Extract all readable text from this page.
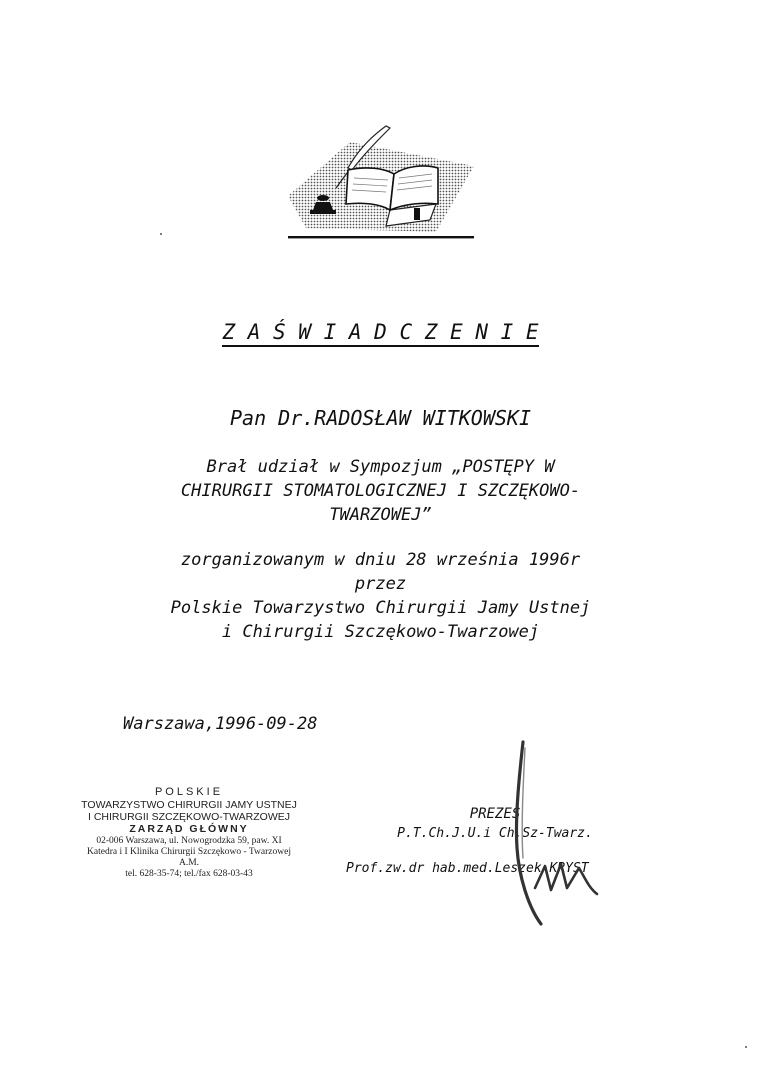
Z A Ś W I A D C Z E N I E
Pan Dr.RADOSŁAW WITKOWSKI
Brał udział w Sympozjum „POSTĘPY W
CHIRURGII STOMATOLOGICZNEJ I SZCZĘKOWO-
TWARZOWEJ”
zorganizowanym w dniu 28 września 1996r
przez
Polskie Towarzystwo Chirurgii Jamy Ustnej
i Chirurgii Szczękowo-Twarzowej
Warszawa,1996-09-28
POLSKIE
TOWARZYSTWO CHIRURGII JAMY USTNEJ
I CHIRURGII SZCZĘKOWO-TWARZOWEJ
ZARZĄD GŁÓWNY
02-006 Warszawa, ul. Nowogrodzka 59, paw. XI
Katedra i I Klinika Chirurgii Szczękowo - Twarzowej A.M.
tel. 628-35-74; tel./fax 628-03-43
PREZES
P.T.Ch.J.U.i Ch.Sz-Twarz.
Prof.zw.dr hab.med.Leszek KRYST
